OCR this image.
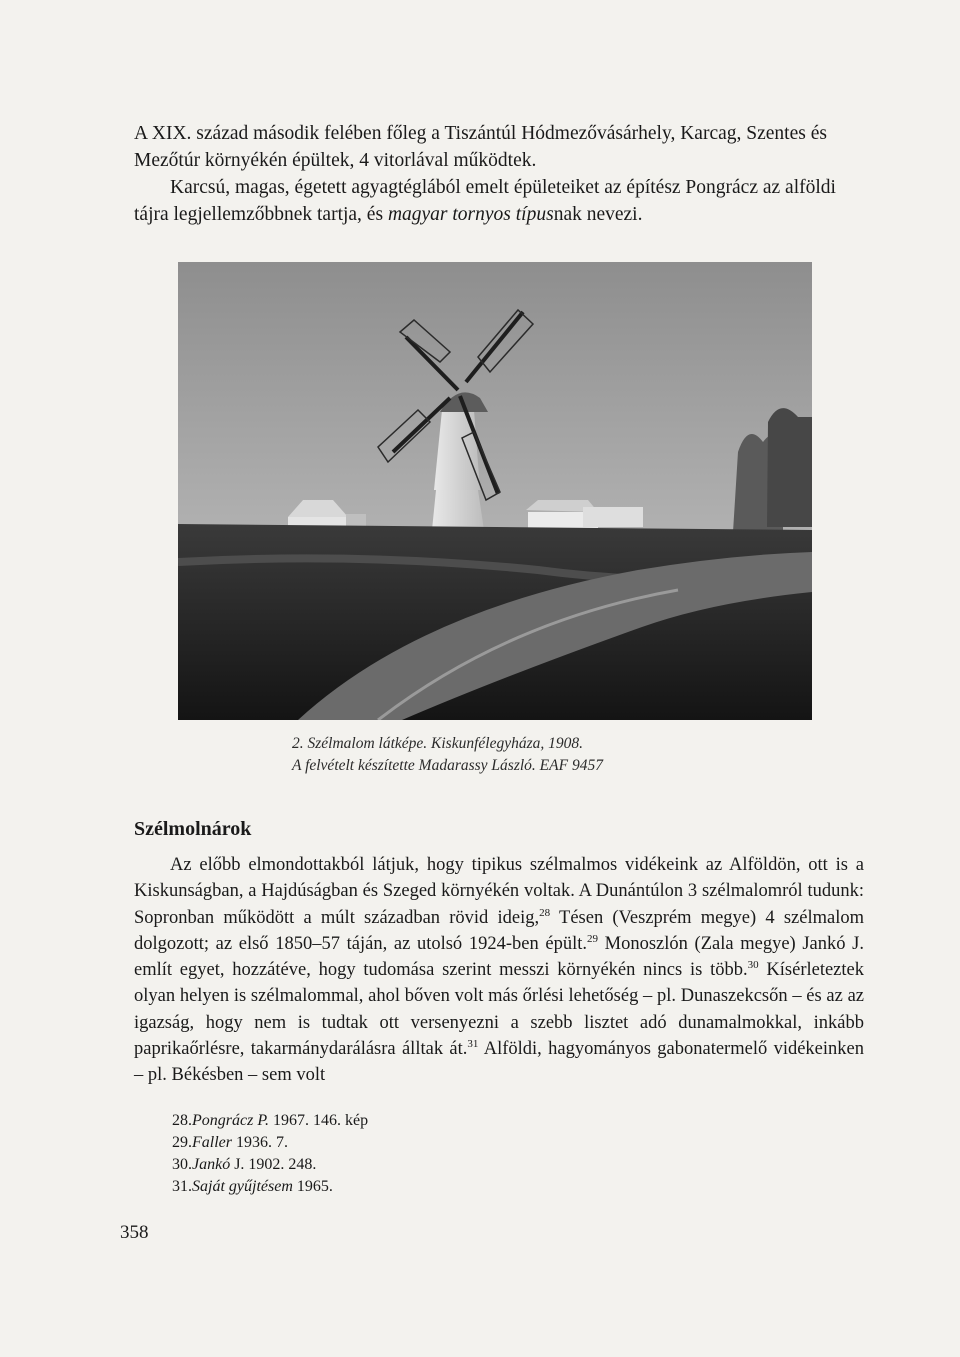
A XIX. század második felében főleg a Tiszántúl Hódmezővásárhely, Karcag, Szentes és Mezőtúr környékén épültek, 4 vitorlával működtek.

Karcsú, magas, égetett agyagtéglából emelt épületeiket az építész Pongrácz az alföldi tájra legjellemzőbbnek tartja, és magyar tornyos típusnak nevezi.

2. Szélmalom látképe. Kiskunfélegyháza, 1908.
A felvételt készítette Madarassy László. EAF 9457
Szélmolnárok

Az előbb elmondottakból látjuk, hogy tipikus szélmalmos vidékeink az Alföldön, ott is a Kiskunságban, a Hajdúságban és Szeged környékén voltak. A Dunántúlon 3 szélmalomról tudunk: Sopronban működött a múlt században rövid ideig,$^{28}$ Tésen (Veszprém megye) 4 szélmalom dolgozott; az első 1850–57 táján, az utolsó 1924-ben épült.$^{29}$ Monoszlón (Zala megye) Jankó J. említ egyet, hozzátéve, hogy tudomása szerint messzi környékén nincs is több.$^{30}$ Kísérleteztek olyan helyen is szélmalommal, ahol bőven volt más őrlési lehetőség – pl. Dunaszekcsőn – és az az igazság, hogy nem is tudtak ott versenyezni a szebb lisztet adó dunamalmokkal, inkább paprikaőrlésre, takarmánydarálásra álltak át.$^{31}$ Alföldi, hagyományos gabonatermelő vidékeinken – pl. Békésben – sem volt

28.Pongrácz P. 1967. 146. kép
29.Faller 1936. 7.
30.Jankó J. 1902. 248.
31.Saját gyűjtésem 1965.
358
